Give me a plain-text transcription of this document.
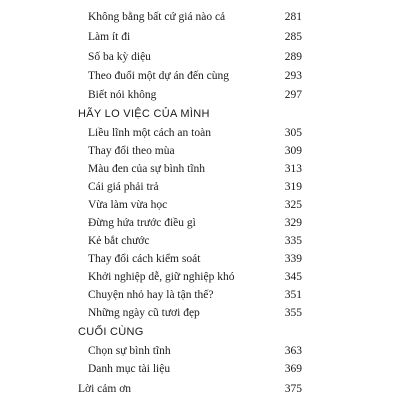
Không bằng bất cứ giá nào cả	281
Làm ít đi	285
Số ba kỳ diệu	289
Theo đuổi một dự án đến cùng	293
Biết nói không	297
HÃY LO VIỆC CỦA MÌNH
Liều lĩnh một cách an toàn	305
Thay đổi theo mùa	309
Màu đen của sự bình tĩnh	313
Cái giá phải trả	319
Vừa làm vừa học	325
Đừng hứa trước điều gì	329
Kẻ bắt chước	335
Thay đổi cách kiểm soát	339
Khởi nghiệp dễ, giữ nghiệp khó	345
Chuyện nhỏ hay là tận thế?	351
Những ngày cũ tươi đẹp	355
CUỐI CÙNG
Chọn sự bình tĩnh	363
Danh mục tài liệu	369
Lời cảm ơn	375
